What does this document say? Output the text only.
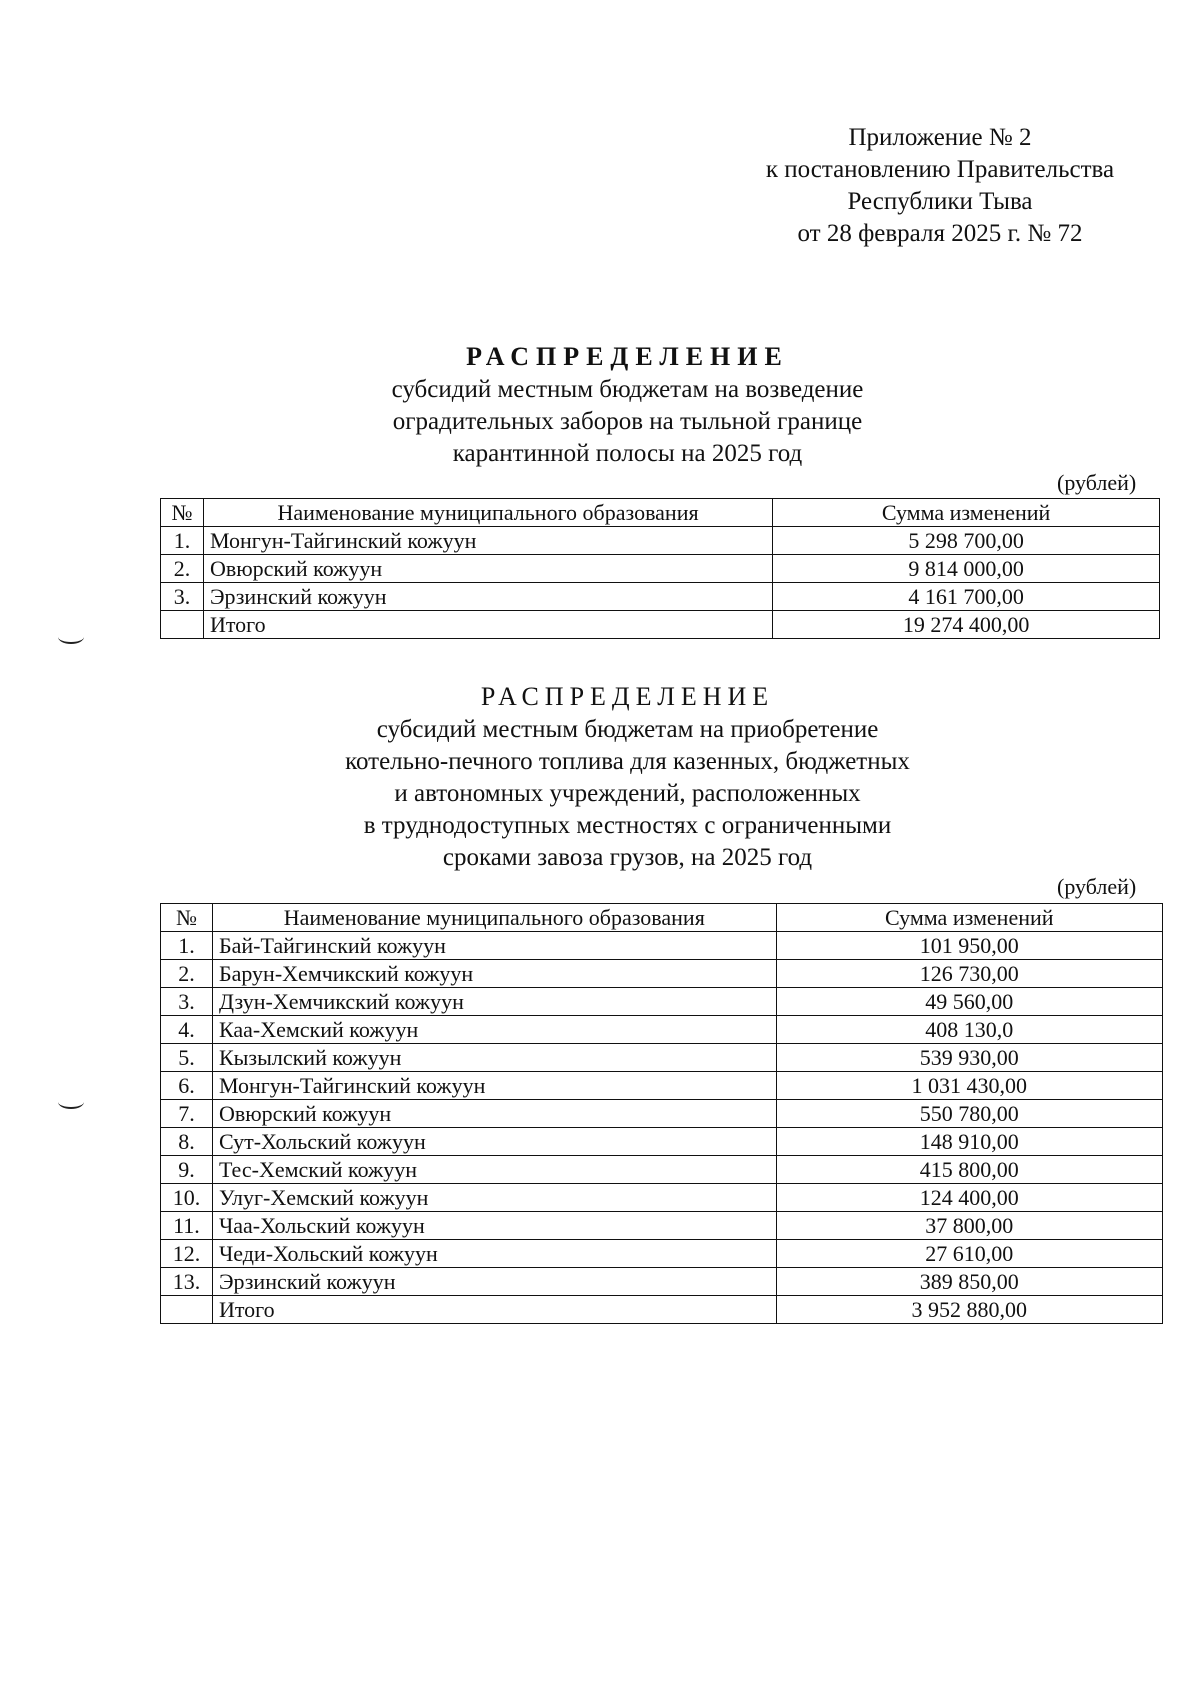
Приложение № 2
к постановлению Правительства
Республики Тыва
от 28 февраля 2025 г. № 72
РАСПРЕДЕЛЕНИЕ
субсидий местным бюджетам на возведение
оградительных заборов на тыльной границе
карантинной полосы на 2025 год
(рублей)
№	Наименование муниципального образования	Сумма изменений
1.	Монгун-Тайгинский кожуун	5 298 700,00
2.	Овюрский кожуун	9 814 000,00
3.	Эрзинский кожуун	4 161 700,00
	Итого	19 274 400,00
РАСПРЕДЕЛЕНИЕ
субсидий местным бюджетам на приобретение
котельно-печного топлива для казенных, бюджетных
и автономных учреждений, расположенных
в труднодоступных местностях с ограниченными
сроками завоза грузов, на 2025 год
(рублей)
№	Наименование муниципального образования	Сумма изменений
1.	Бай-Тайгинский кожуун	101 950,00
2.	Барун-Хемчикский кожуун	126 730,00
3.	Дзун-Хемчикский кожуун	49 560,00
4.	Каа-Хемский кожуун	408 130,0
5.	Кызылский кожуун	539 930,00
6.	Монгун-Тайгинский кожуун	1 031 430,00
7.	Овюрский кожуун	550 780,00
8.	Сут-Хольский кожуун	148 910,00
9.	Тес-Хемский кожуун	415 800,00
10.	Улуг-Хемский кожуун	124 400,00
11.	Чаа-Хольский кожуун	37 800,00
12.	Чеди-Хольский кожуун	27 610,00
13.	Эрзинский кожуун	389 850,00
	Итого	3 952 880,00
